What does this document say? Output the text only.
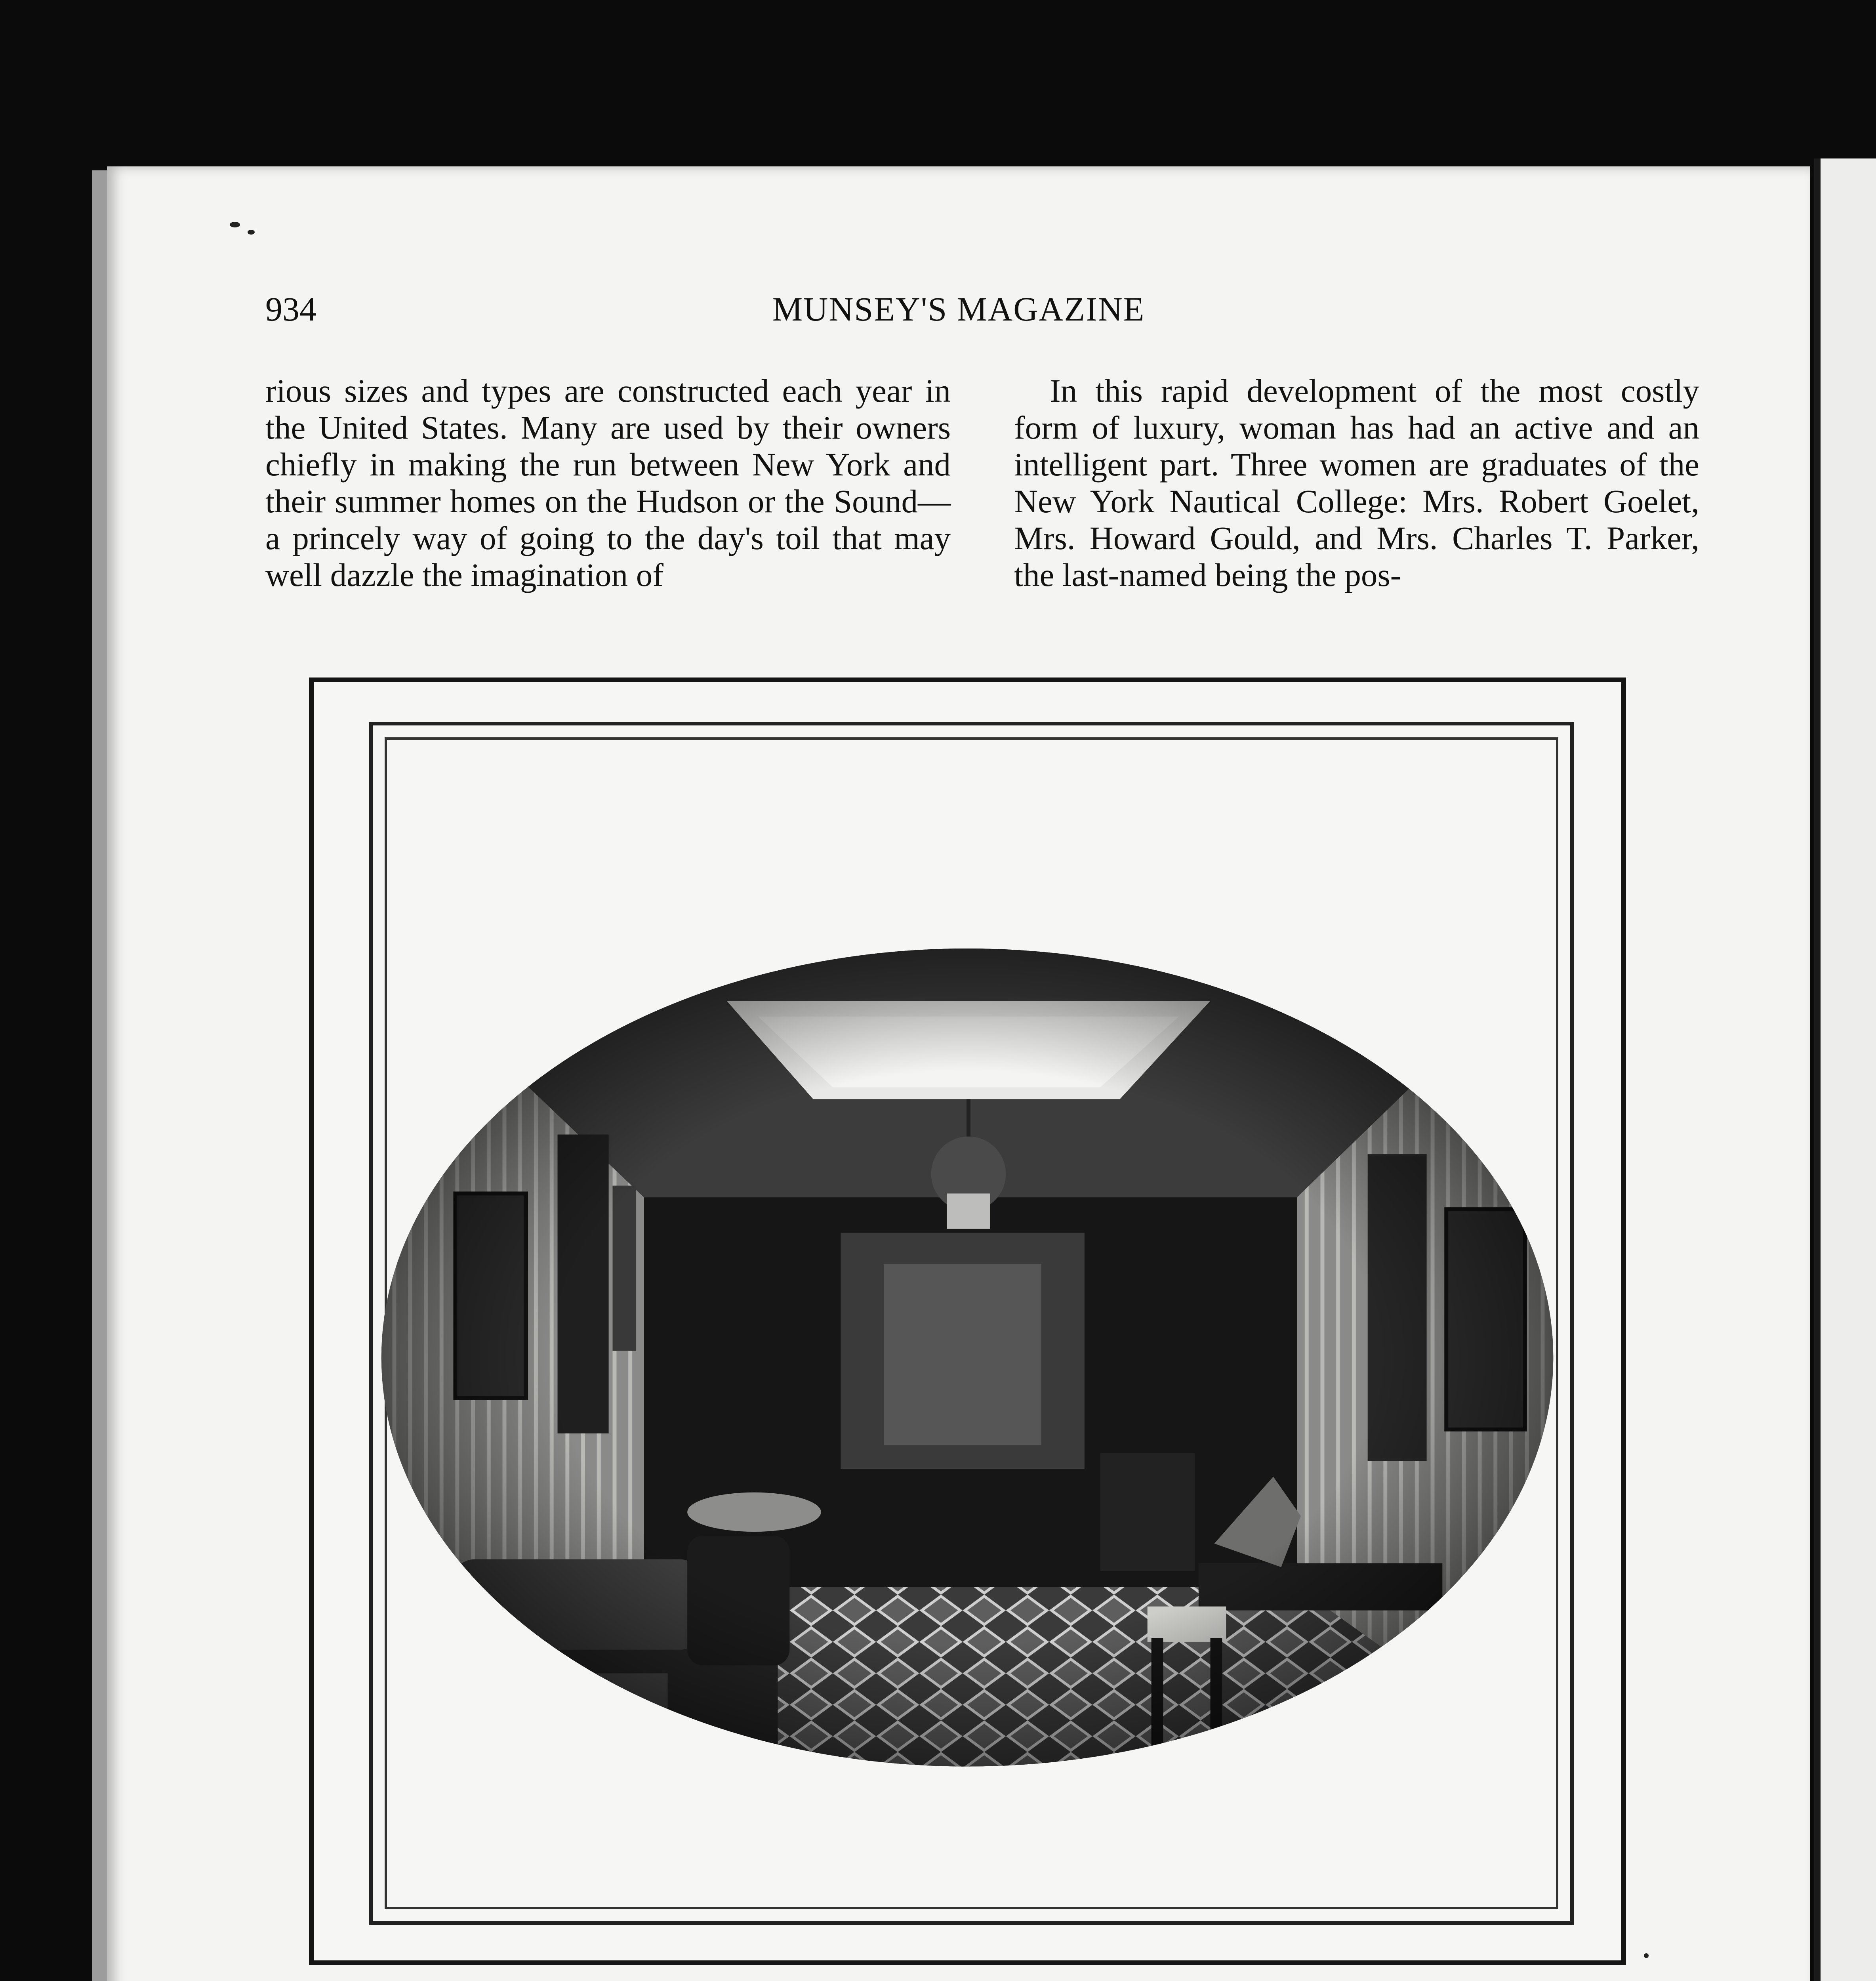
934	MUNSEY'S MAGAZINE

rious sizes and types are constructed each year in the United States. Many are used by their owners chiefly in making the run between New York and their summer homes on the Hudson or the Sound—a princely way of going to the day's toil that may well dazzle the imagination of

In this rapid development of the most costly form of luxury, woman has had an active and an intelligent part. Three women are graduates of the New York Nautical College: Mrs. Robert Goelet, Mrs. Howard Gould, and Mrs. Charles T. Parker, the last-named being the pos-
